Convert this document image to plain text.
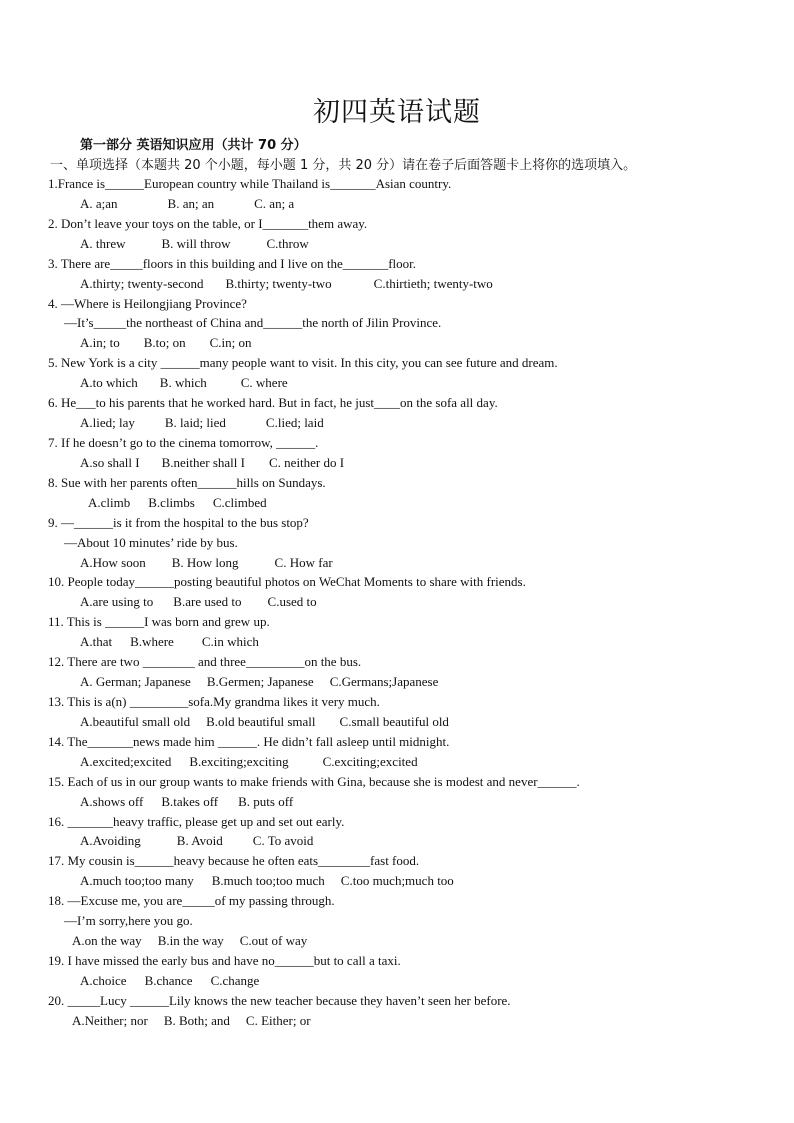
初四英语试题
第一部分 英语知识应用（共计 70 分）
一、单项选择（本题共 20 个小题，每小题 1 分，共 20 分）请在卷子后面答题卡上将你的选项填入。
1.France is______European country while Thailand is_______Asian country.
A. a;an	B. an; an	C. an; a
2. Don’t leave your toys on the table, or I_______them away.
A. threw	B. will throw	C.throw
3. There are_____floors in this building and I live on the_______floor.
A.thirty; twenty-second B.thirty; twenty-two	C.thirtieth; twenty-two
4. —Where is Heilongjiang Province?
—It’s_____the northeast of China and______the north of Jilin Province.
A.in; to B.to; on C.in; on
5. New York is a city ______many people want to visit. In this city, you can see future and dream.
A.to which B. which	C. where
6. He___to his parents that he worked hard. But in fact, he just____on the sofa all day.
A.lied; lay B. laid; lied	C.lied; laid
7. If he doesn’t go to the cinema tomorrow, ______.
A.so shall I B.neither shall I C. neither do I
8. Sue with her parents often______hills on Sundays.
A.climb B.climbs C.climbed
9. —______is it from the hospital to the bus stop?
—About 10 minutes’ ride by bus.
A.How soon B. How long	C. How far
10. People today______posting beautiful photos on WeChat Moments to share with friends.
A.are using to B.are used to C.used to
11. This is ______I was born and grew up.
A.that B.where C.in which
12. There are two ________ and three_________on the bus.
A. German; Japanese B.Germen; Japanese C.Germans;Japanese
13. This is a(n) _________sofa.My grandma likes it very much.
A.beautiful small old B.old beautiful small C.small beautiful old
14. The_______news made him ______. He didn’t fall asleep until midnight.
A.excited;excited B.exciting;exciting	C.exciting;excited
15. Each of us in our group wants to make friends with Gina, because she is modest and never______.
A.shows off B.takes off B. puts off
16. _______heavy traffic, please get up and set out early.
A.Avoiding	B. Avoid C. To avoid
17. My cousin is______heavy because he often eats________fast food.
A.much too;too many B.much too;too much C.too much;much too
18. —Excuse me, you are_____of my passing through.
—I’m sorry,here you go.
A.on the way B.in the way C.out of way
19. I have missed the early bus and have no______but to call a taxi.
A.choice B.chance C.change
20. _____Lucy ______Lily knows the new teacher because they haven’t seen her before.
A.Neither; nor B. Both; and C. Either; or
